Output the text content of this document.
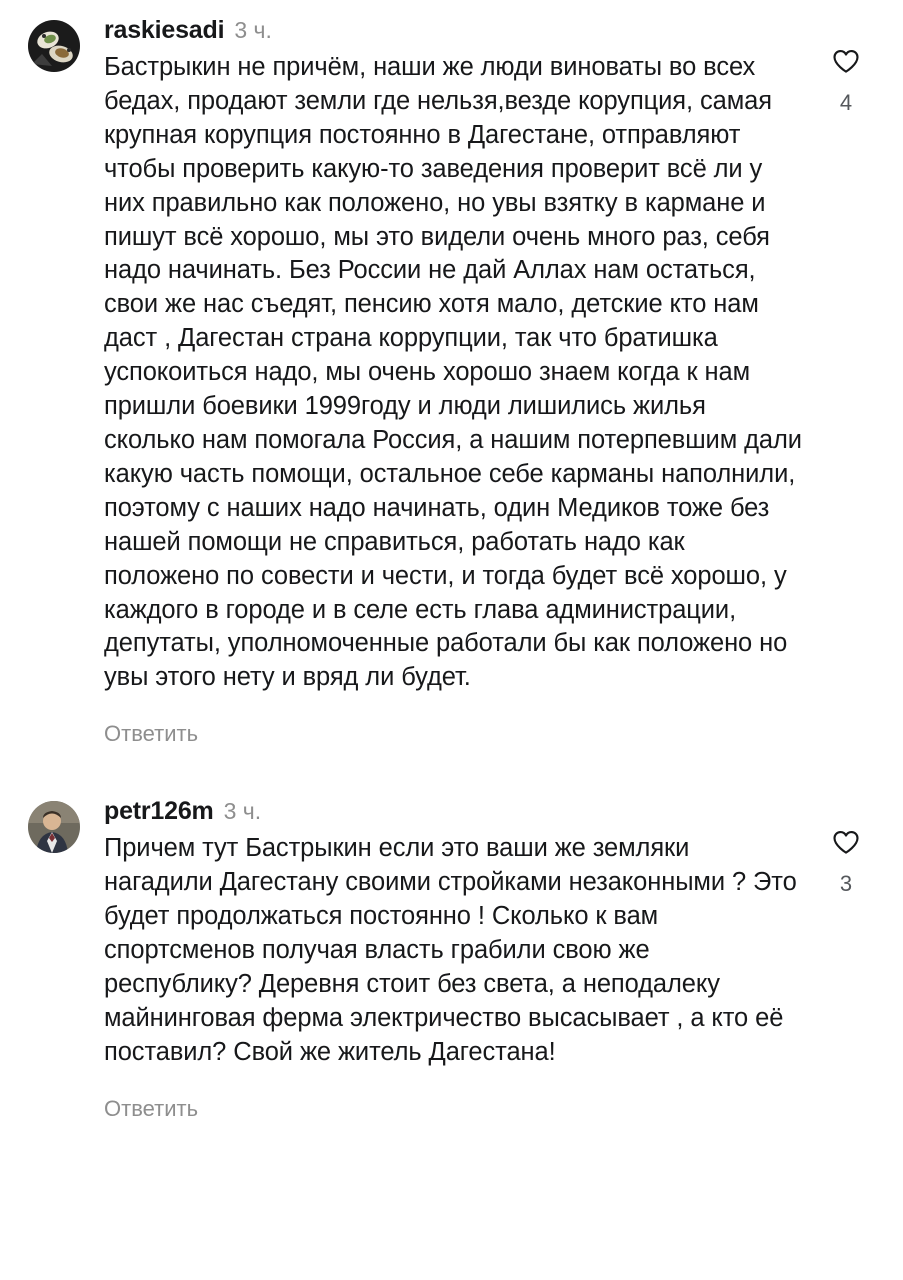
raskiesadi 3 ч.
Бастрыкин не причём, наши же люди виноваты во всех бедах, продают земли где нельзя,везде корупция, самая крупная корупция постоянно в Дагестане, отправляют чтобы проверить какую-то заведения проверит всё ли у них правильно как положено, но увы взятку в кармане и пишут всё хорошо, мы это видели очень много раз, себя надо начинать. Без России не дай Аллах нам остаться, свои же нас съедят, пенсию хотя мало, детские кто нам даст , Дагестан страна коррупции, так что братишка успокоиться надо, мы очень хорошо знаем когда к нам пришли боевики 1999году и люди лишились жилья сколько нам помогала Россия, а нашим потерпевшим дали какую часть помощи, остальное себе карманы наполнили, поэтому с наших надо начинать, один Медиков тоже без нашей помощи не справиться, работать надо как положено по совести и чести, и тогда будет всё хорошо, у каждого в городе и в селе есть глава администрации, депутаты, уполномоченные работали бы как положено но увы этого нету и вряд ли будет.
Ответить
4
petr126m 3 ч.
Причем тут Бастрыкин если это ваши же земляки нагадили Дагестану своими стройками незаконными ? Это будет продолжаться постоянно ! Сколько к вам спортсменов получая власть грабили свою же республику? Деревня стоит без света, а неподалеку майнинговая ферма электричество высасывает , а кто её поставил? Свой же житель Дагестана!
Ответить
3
